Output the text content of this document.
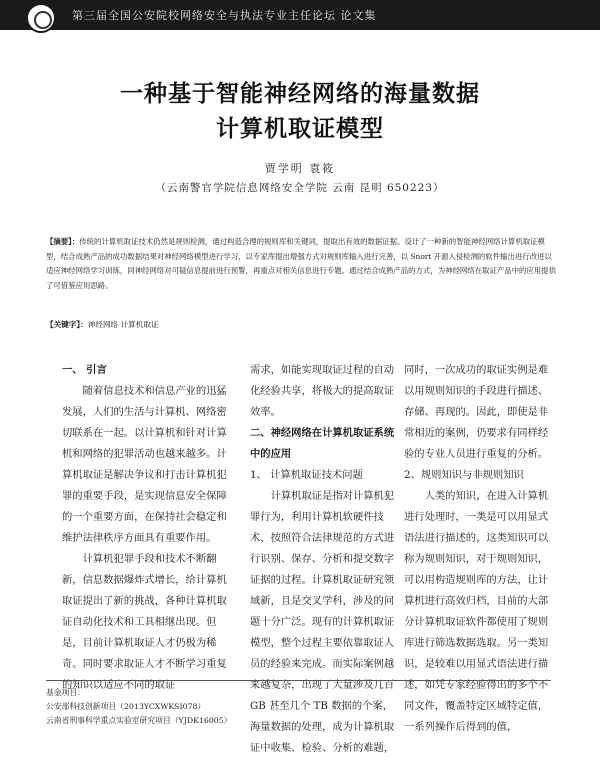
第三届全国公安院校网络安全与执法专业主任论坛 论文集
一种基于智能神经网络的海量数据
计算机取证模型
贾学明 袁筱
（云南警官学院信息网络安全学院 云南 昆明 650223）
【摘要】：传统的计算机取证技术仍然是规则检测，通过构造合理的规则库和关键词，提取出有效的数据证据。设计了一种新的智能神经网络计算机取证模型，结合成熟产品的成功数据结果对神经网络模型进行学习，以专家库提出增强方式对规则库输入进行完善，以 Snort 开源入侵检测的软件输出进行改进以适应神经网络学习训练，同神经网络对可疑信息提前进行预警，再重点对相关信息进行专题。通过结合成熟产品的方式，为神经网络在取证产品中的应用提供了可借鉴应用思路。
【关键字】：神经网络 计算机取证

一、 引言

随着信息技术和信息产业的迅猛发展，人们的生活与计算机、网络密切联系在一起。以计算机和针对计算机和网络的犯罪活动也越来越多。计算机取证是解决争议和打击计算机犯罪的重要手段，是实现信息安全保障的一个重要方面，在保持社会稳定和维护法律秩序方面具有重要作用。

计算机犯罪手段和技术不断翻新，信息数据爆炸式增长，给计算机取证提出了新的挑战，各种计算机取证自动化技术和工具相继出现。但是，目前计算机取证人才仍极为稀奇。同时要求取证人才不断学习重复的知识以适应不同的取证

需求，如能实现取证过程的自动化经验共享，将极大的提高取证效率。

二、神经网络在计算机取证系统中的应用

1、 计算机取证技术问题

计算机取证是指对计算机犯罪行为，利用计算机软硬件技术，按照符合法律规范的方式进行识别、保存、分析和提交数字证据的过程。计算机取证研究领域新，且是交叉学科，涉及的问题十分广泛。现有的计算机取证模型，整个过程主要依靠取证人员的经验来完成。而实际案例越来越复杂，出现了大量涉及几百 GB 甚至几个 TB 数据的个案，海量数据的处理，成为计算机取证中收集、检验、分析的难题，

同时，一次成功的取证实例是难以用规则知识的手段进行描述、存储、再现的。因此，即使是非常相近的案例，仍要求有同样经验的专业人员进行重复的分析。

2、规则知识与非规则知识

人类的知识，在进入计算机进行处理时，一类是可以用显式语法进行描述的，这类知识可以称为规则知识，对于规则知识，可以用构造规则库的方法，让计算机进行高效归档，目前的大部分计算机取证软件都使用了规则库进行筛选数据选取。另一类知识，是较难以用显式语法进行描述，如凭专家经验得出的多个不同文件，覆盖特定区域特定值，一系列操作后得到的值，

基金项目：
公安部科技创新项目（2013YCXWKSI078）
云南省刑事科学重点实验室研究项目（YJDK16005）
